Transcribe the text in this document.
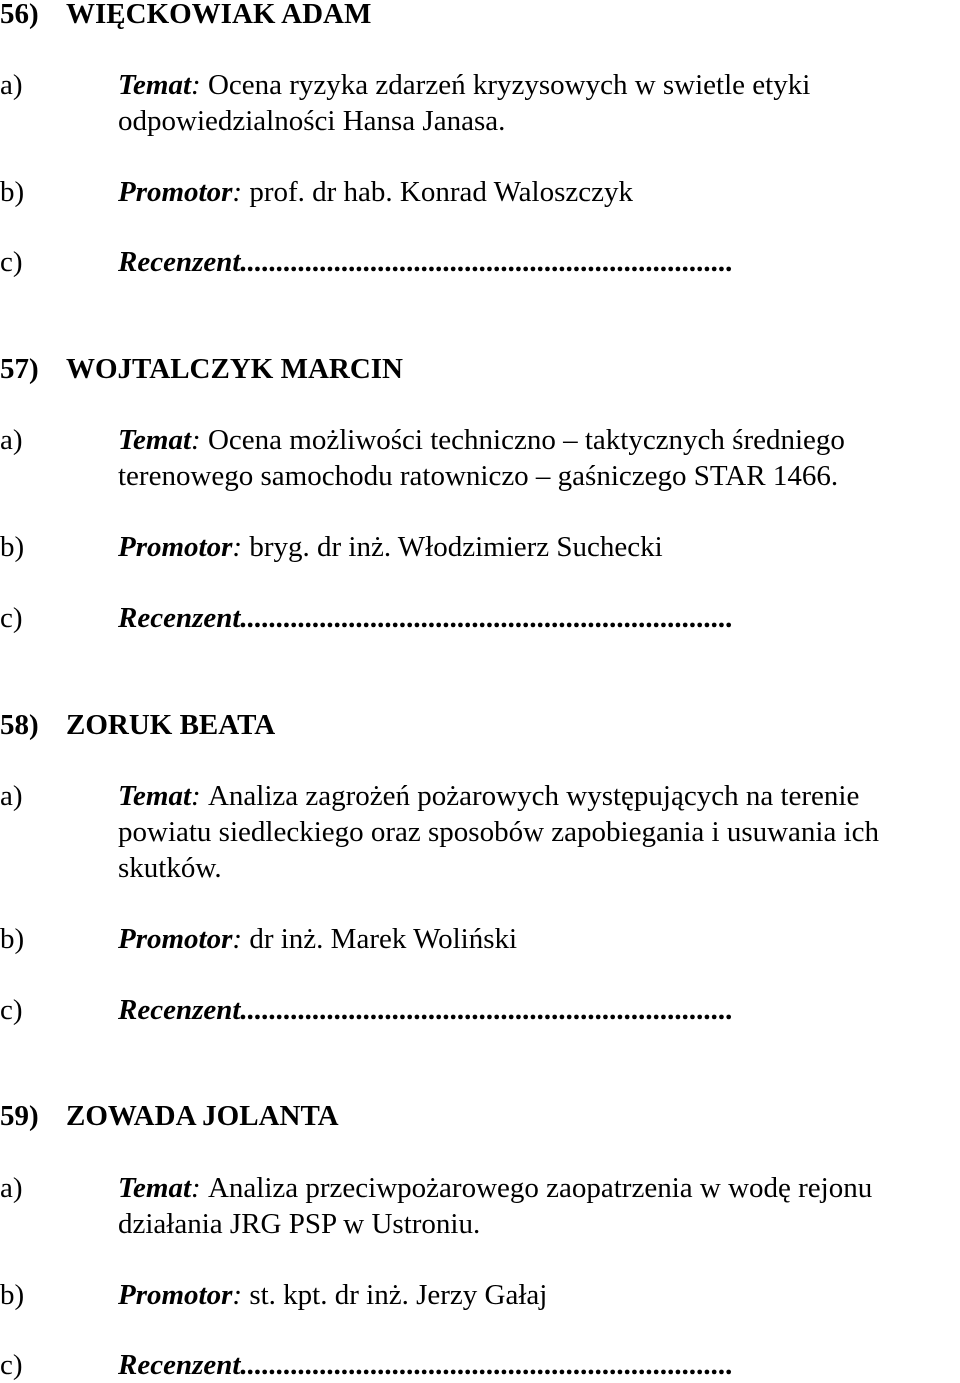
56) WIĘCKOWIAK ADAM
a)	Temat: Ocena ryzyka zdarzeń kryzysowych w swietle etyki
odpowiedzialności Hansa Janasa.
b)	Promotor: prof. dr hab. Konrad Waloszczyk
c)	Recenzent....................................................................
57) WOJTALCZYK MARCIN
a)	Temat: Ocena możliwości techniczno – taktycznych średniego
terenowego samochodu ratowniczo – gaśniczego STAR 1466.
b)	Promotor: bryg. dr inż. Włodzimierz Suchecki
c)	Recenzent....................................................................
58) ZORUK BEATA
a)	Temat: Analiza zagrożeń pożarowych występujących na terenie
powiatu siedleckiego oraz sposobów zapobiegania i usuwania ich
skutków.
b)	Promotor: dr inż. Marek Woliński
c)	Recenzent....................................................................
59) ZOWADA JOLANTA
a)	Temat: Analiza przeciwpożarowego zaopatrzenia w wodę rejonu
działania JRG PSP w Ustroniu.
b)	Promotor: st. kpt. dr inż. Jerzy Gałaj
c)	Recenzent....................................................................
